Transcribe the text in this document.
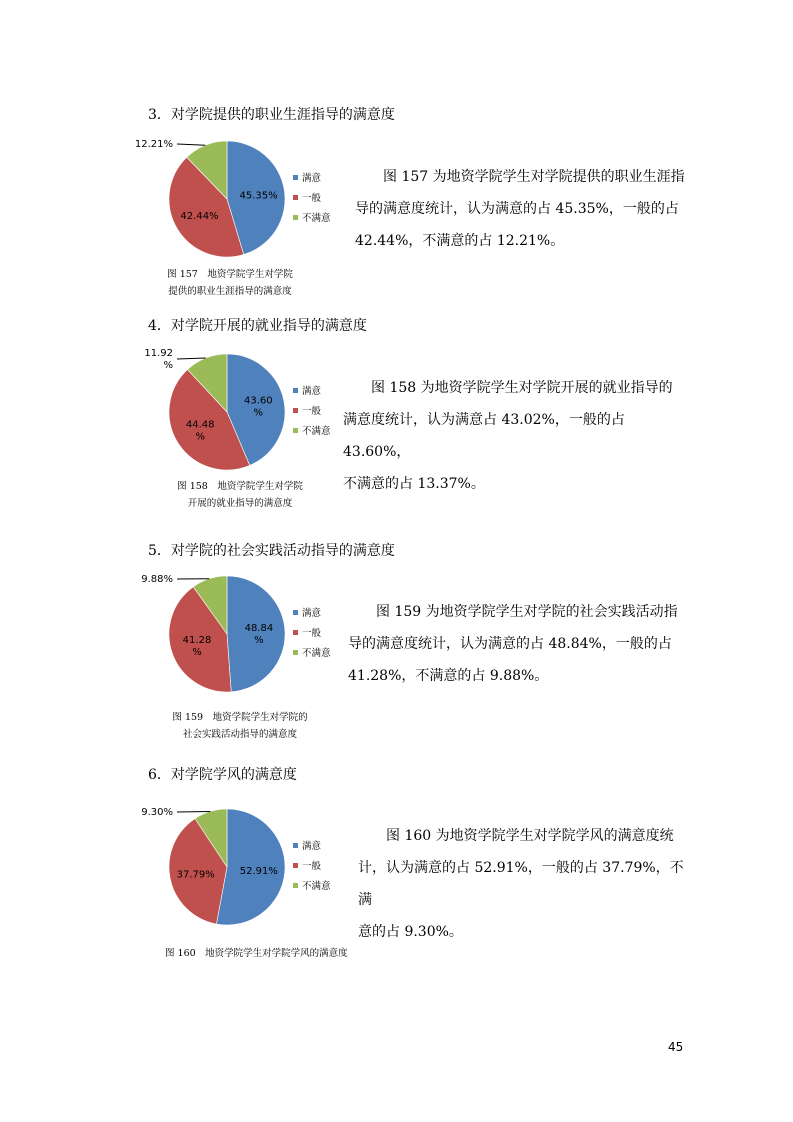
3．对学院提供的职业生涯指导的满意度
45.35%
42.44%
12.21%
满意
一般
不满意
图 157　地资学院学生对学院
提供的职业生涯指导的满意度
图 157 为地资学院学生对学院提供的职业生涯指
导的满意度统计，认为满意的占 45.35%，一般的占
42.44%，不满意的占 12.21%。
4．对学院开展的就业指导的满意度
43.60
%
44.48
%
11.92
%
满意
一般
不满意
图 158　地资学院学生对学院
开展的就业指导的满意度
图 158 为地资学院学生对学院开展的就业指导的
满意度统计，认为满意占 43.02%，一般的占 43.60%，
不满意的占 13.37%。
5．对学院的社会实践活动指导的满意度
48.84
%
41.28
%
9.88%
满意
一般
不满意
图 159　地资学院学生对学院的
社会实践活动指导的满意度
图 159 为地资学院学生对学院的社会实践活动指
导的满意度统计，认为满意的占 48.84%，一般的占
41.28%，不满意的占 9.88%。
6．对学院学风的满意度
52.91%
37.79%
9.30%
满意
一般
不满意
图 160　地资学院学生对学院学风的满意度
图 160 为地资学院学生对学院学风的满意度统
计，认为满意的占 52.91%，一般的占 37.79%，不满
意的占 9.30%。
45
